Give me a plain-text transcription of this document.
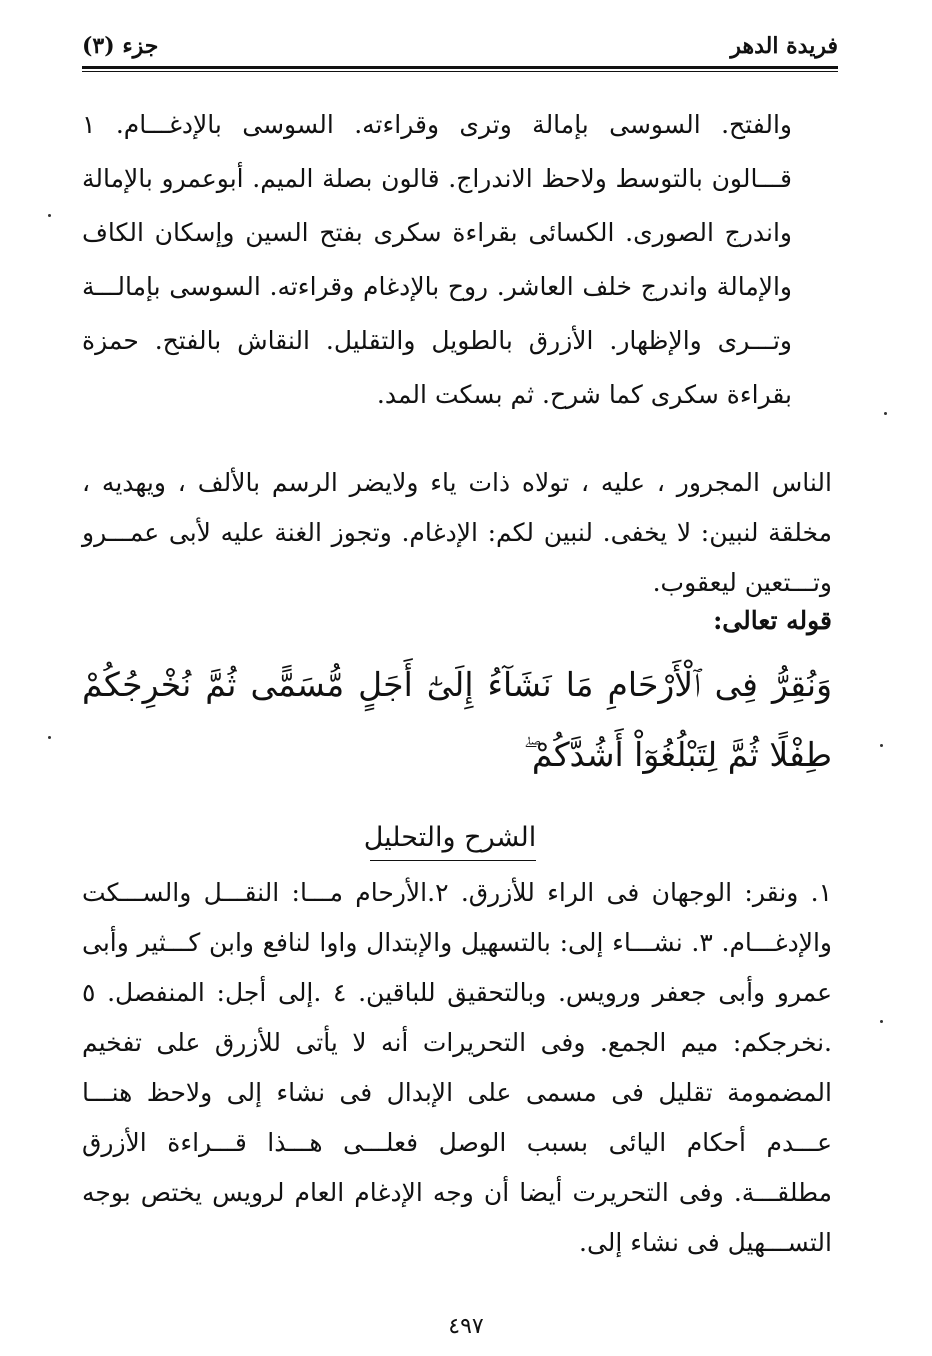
فريدة الدهر
جزء (٣)
والفتح. السوسى بإمالة وترى وقراءته. السوسى بالإدغـــام. ١ قـــالون بالتوسط ولاحظ الاندراج. قالون بصلة الميم. أبوعمرو بالإمالة واندرج الصورى. الكسائى بقراءة سكرى بفتح السين وإسكان الكاف والإمالة واندرج خلف العاشر. روح بالإدغام وقراءته. السوسى بإمالـــة وتـــرى والإظهار. الأزرق بالطويل والتقليل. النقاش بالفتح. حمزة بقراءة سكرى كما شرح. ثم بسكت المد.
الناس المجرور ، عليه ، تولاه ذات ياء ولايضر الرسم بالألف ، ويهديه ، مخلقة لنبين: لا يخفى. لنبين لكم: الإدغام. وتجوز الغنة عليه لأبى عمـــرو وتـــتعين ليعقوب.
قوله تعالى:
وَنُقِرُّ فِى ٱلْأَرْحَامِ مَا نَشَآءُ إِلَىٰٓ أَجَلٍ مُّسَمًّى ثُمَّ نُخْرِجُكُمْ طِفْلًا ثُمَّ لِتَبْلُغُوٓاْ أَشُدَّكُمْ ۖ
الشرح والتحليل
١. ونقر: الوجهان فى الراء للأزرق. ٢.الأرحام مـــا: النقـــل والســـكت والإدغـــام. ٣. نشـــاء إلى: بالتسهيل والإبتدال واوا لنافع وابن كـــثير وأبى عمرو وأبى جعفر ورويس. وبالتحقيق للباقين. ٤ .إلى أجل: المنفصل. ٥ .نخرجكم: ميم الجمع. وفى التحريرات أنه لا يأتى للأزرق على تفخيم المضمومة تقليل فى مسمى على الإبدال فى نشاء إلى ولاحظ هنـــا عـــدم أحكام اليائى بسبب الوصل فعلـــى هـــذا قـــراءة الأزرق مطلقـــة. وفى التحريرت أيضا أن وجه الإدغام العام لرويس يختص بوجه التســـهيل فى نشاء إلى.
٤٩٧
